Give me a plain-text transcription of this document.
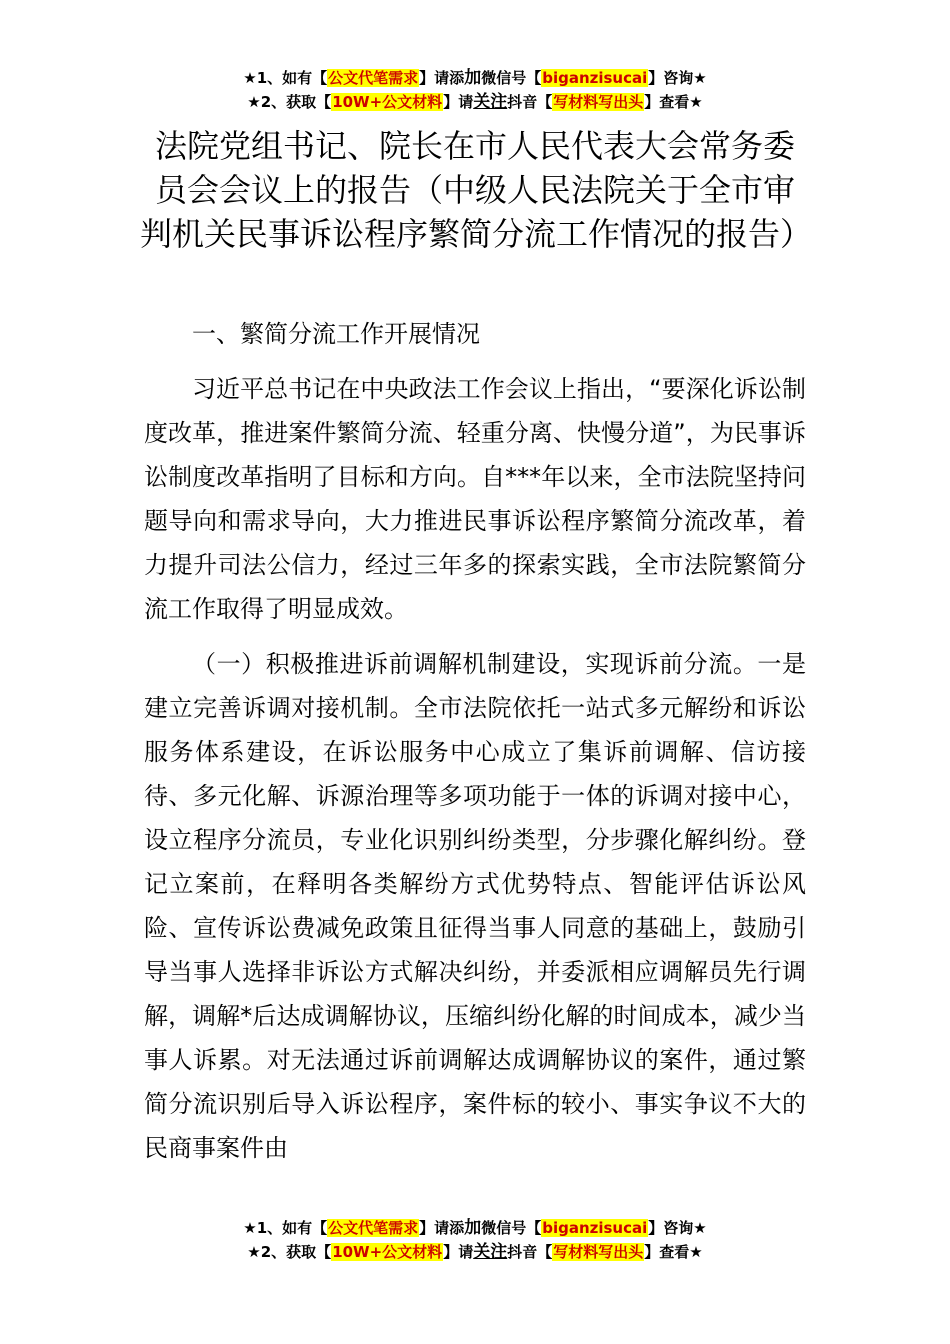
★1、如有【公文代笔需求】请添加微信号【biganzisucai】咨询★
★2、获取【10W+公文材料】请关注抖音【写材料写出头】查看★
法院党组书记、院长在市人民代表大会常务委员会会议上的报告（中级人民法院关于全市审判机关民事诉讼程序繁简分流工作情况的报告）

一、繁简分流工作开展情况

习近平总书记在中央政法工作会议上指出，“要深化诉讼制度改革，推进案件繁简分流、轻重分离、快慢分道”，为民事诉讼制度改革指明了目标和方向。自***年以来，全市法院坚持问题导向和需求导向，大力推进民事诉讼程序繁简分流改革，着力提升司法公信力，经过三年多的探索实践，全市法院繁简分流工作取得了明显成效。

（一）积极推进诉前调解机制建设，实现诉前分流。一是建立完善诉调对接机制。全市法院依托一站式多元解纷和诉讼服务体系建设，在诉讼服务中心成立了集诉前调解、信访接待、多元化解、诉源治理等多项功能于一体的诉调对接中心，设立程序分流员，专业化识别纠纷类型，分步骤化解纠纷。登记立案前，在释明各类解纷方式优势特点、智能评估诉讼风险、宣传诉讼费减免政策且征得当事人同意的基础上，鼓励引导当事人选择非诉讼方式解决纠纷，并委派相应调解员先行调解，调解*后达成调解协议，压缩纠纷化解的时间成本，减少当事人诉累。对无法通过诉前调解达成调解协议的案件，通过繁简分流识别后导入诉讼程序，案件标的较小、事实争议不大的民商事案件由

★1、如有【公文代笔需求】请添加微信号【biganzisucai】咨询★
★2、获取【10W+公文材料】请关注抖音【写材料写出头】查看★
